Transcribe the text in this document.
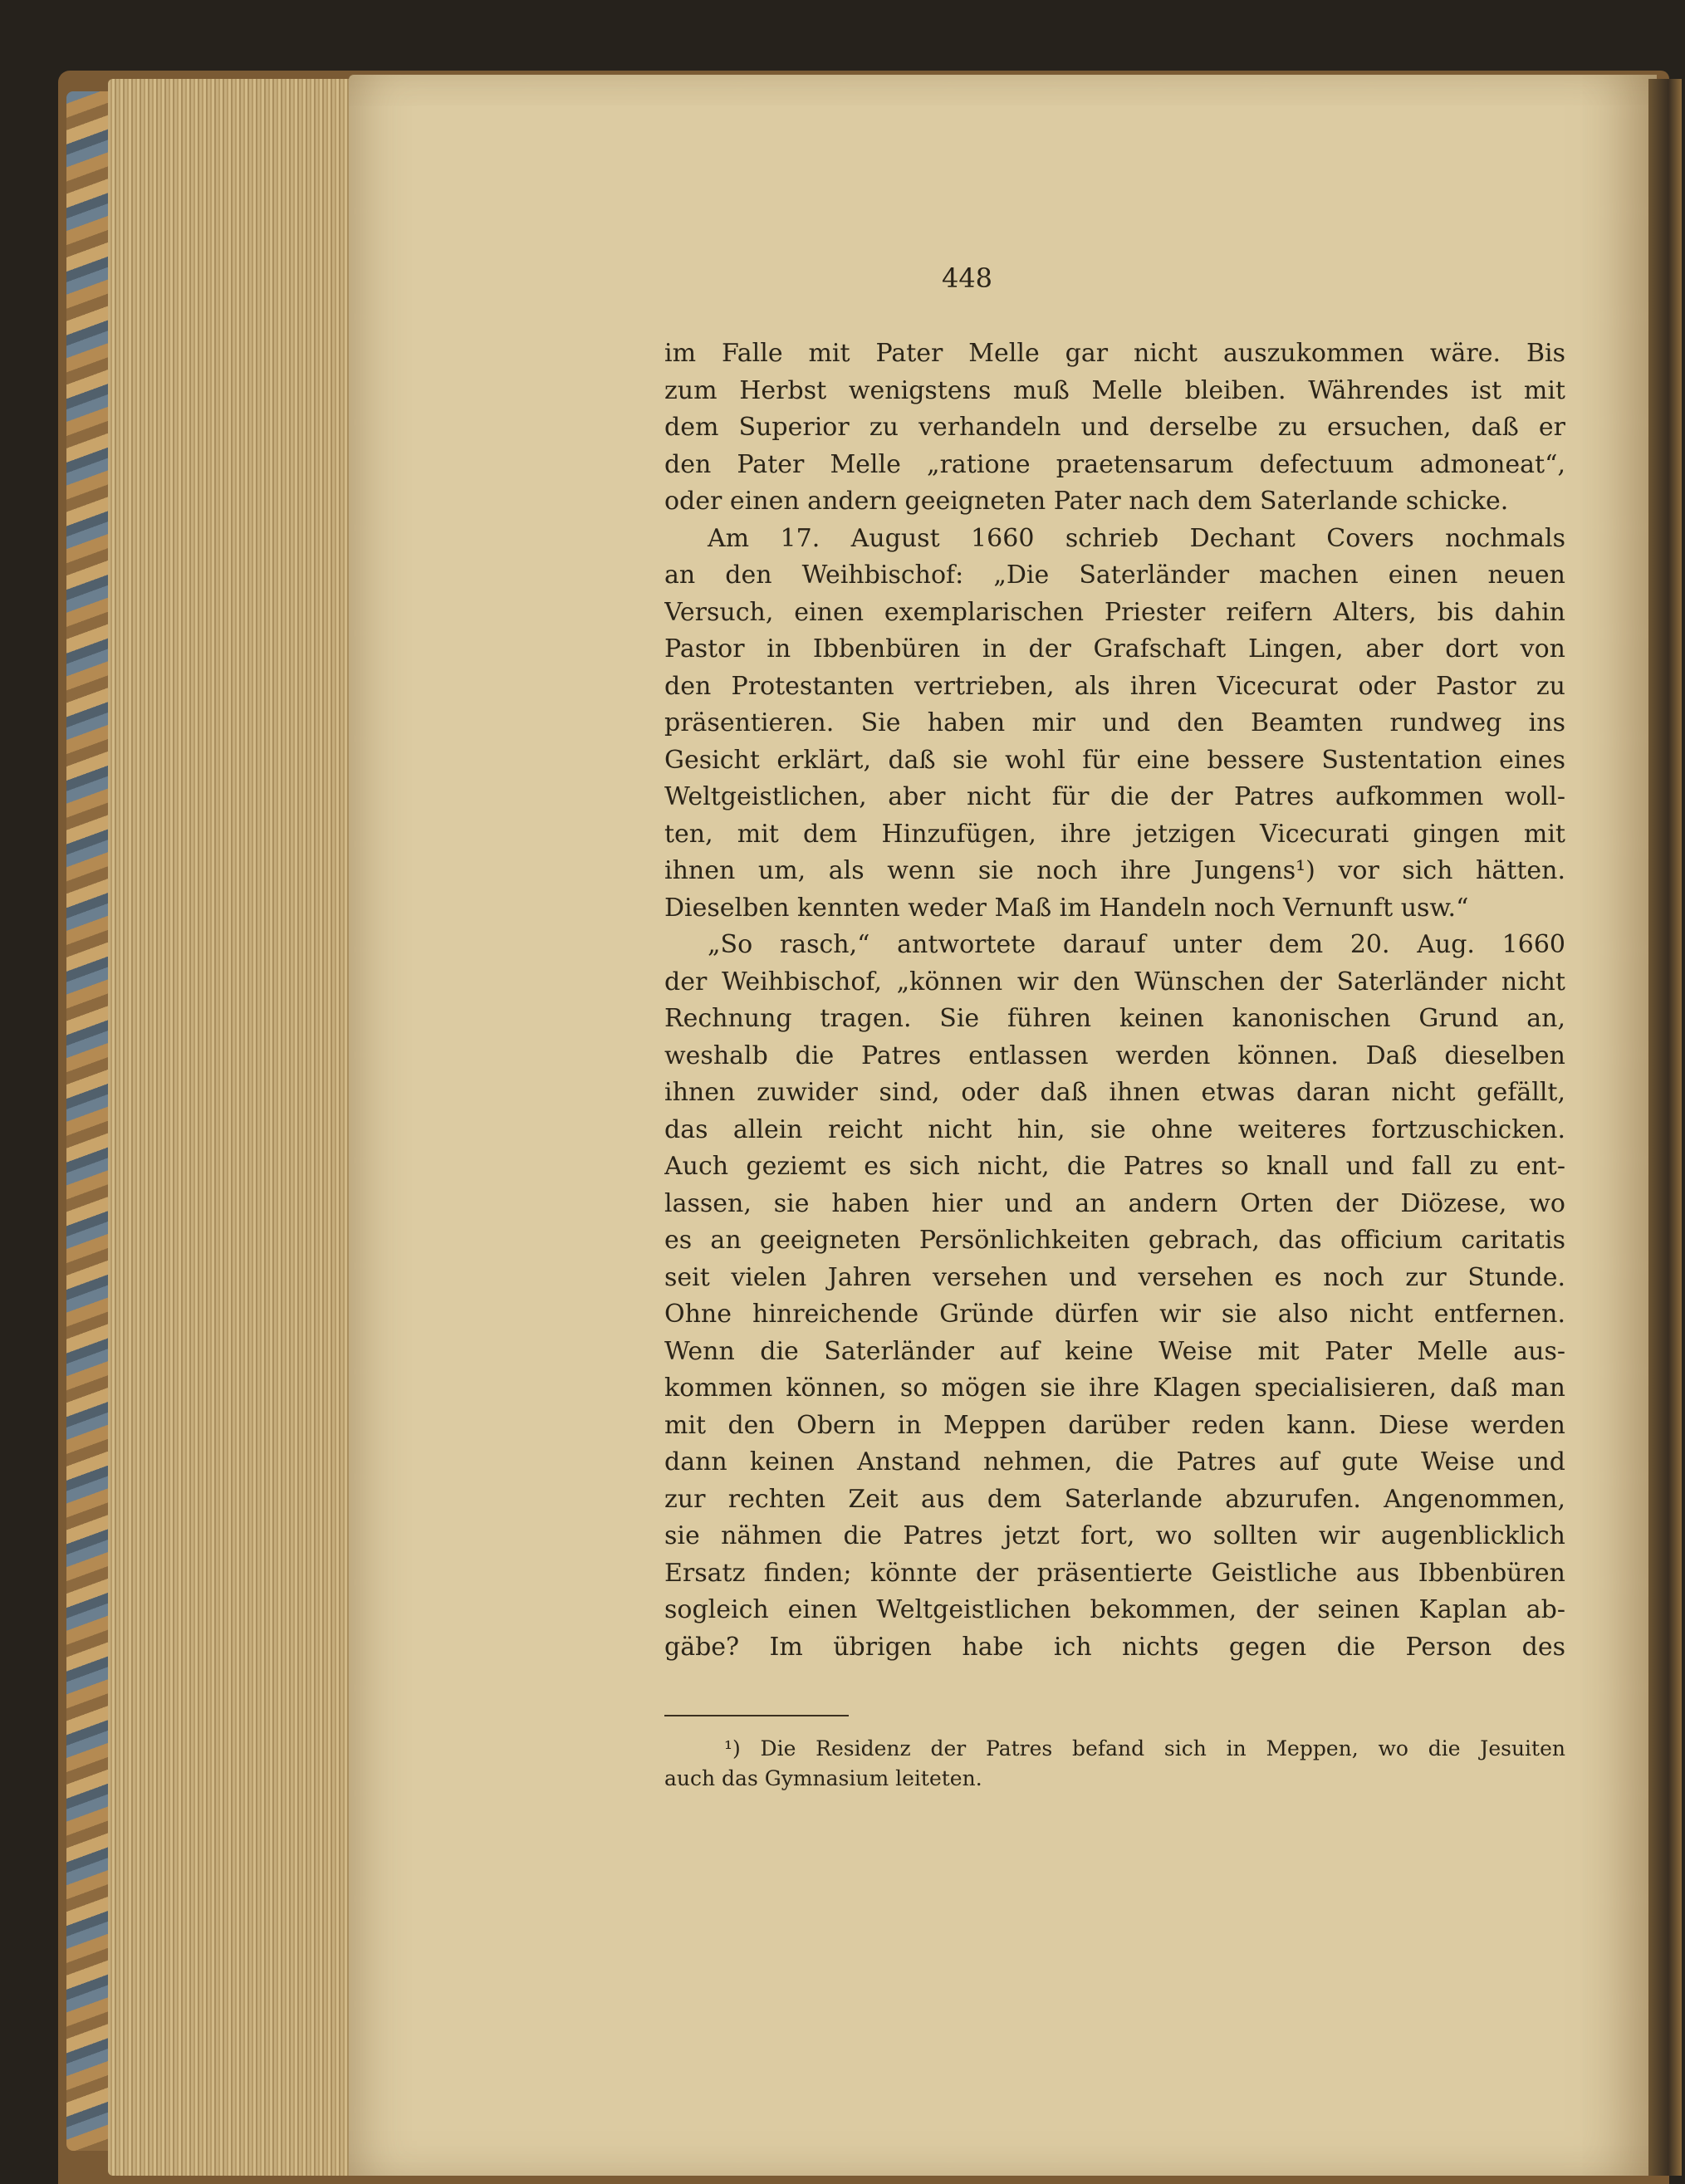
448
im Falle mit Pater Melle gar nicht auszukommen wäre. Bis
zum Herbst wenigstens muß Melle bleiben. Währendes ist mit
dem Superior zu verhandeln und derselbe zu ersuchen, daß er
den Pater Melle „ratione praetensarum defectuum admoneat“,
oder einen andern geeigneten Pater nach dem Saterlande schicke.
Am 17. August 1660 schrieb Dechant Covers nochmals
an den Weihbischof: „Die Saterländer machen einen neuen
Versuch, einen exemplarischen Priester reifern Alters, bis dahin
Pastor in Ibbenbüren in der Grafschaft Lingen, aber dort von
den Protestanten vertrieben, als ihren Vicecurat oder Pastor zu
präsentieren. Sie haben mir und den Beamten rundweg ins
Gesicht erklärt, daß sie wohl für eine bessere Sustentation eines
Weltgeistlichen, aber nicht für die der Patres aufkommen woll-
ten, mit dem Hinzufügen, ihre jetzigen Vicecurati gingen mit
ihnen um, als wenn sie noch ihre Jungens¹) vor sich hätten.
Dieselben kennten weder Maß im Handeln noch Vernunft usw.“
„So rasch,“ antwortete darauf unter dem 20. Aug. 1660
der Weihbischof, „können wir den Wünschen der Saterländer nicht
Rechnung tragen. Sie führen keinen kanonischen Grund an,
weshalb die Patres entlassen werden können. Daß dieselben
ihnen zuwider sind, oder daß ihnen etwas daran nicht gefällt,
das allein reicht nicht hin, sie ohne weiteres fortzuschicken.
Auch geziemt es sich nicht, die Patres so knall und fall zu ent-
lassen, sie haben hier und an andern Orten der Diözese, wo
es an geeigneten Persönlichkeiten gebrach, das officium caritatis
seit vielen Jahren versehen und versehen es noch zur Stunde.
Ohne hinreichende Gründe dürfen wir sie also nicht entfernen.
Wenn die Saterländer auf keine Weise mit Pater Melle aus-
kommen können, so mögen sie ihre Klagen specialisieren, daß man
mit den Obern in Meppen darüber reden kann. Diese werden
dann keinen Anstand nehmen, die Patres auf gute Weise und
zur rechten Zeit aus dem Saterlande abzurufen. Angenommen,
sie nähmen die Patres jetzt fort, wo sollten wir augenblicklich
Ersatz finden; könnte der präsentierte Geistliche aus Ibbenbüren
sogleich einen Weltgeistlichen bekommen, der seinen Kaplan ab-
gäbe? Im übrigen habe ich nichts gegen die Person des
¹) Die Residenz der Patres befand sich in Meppen, wo die Jesuiten
auch das Gymnasium leiteten.
